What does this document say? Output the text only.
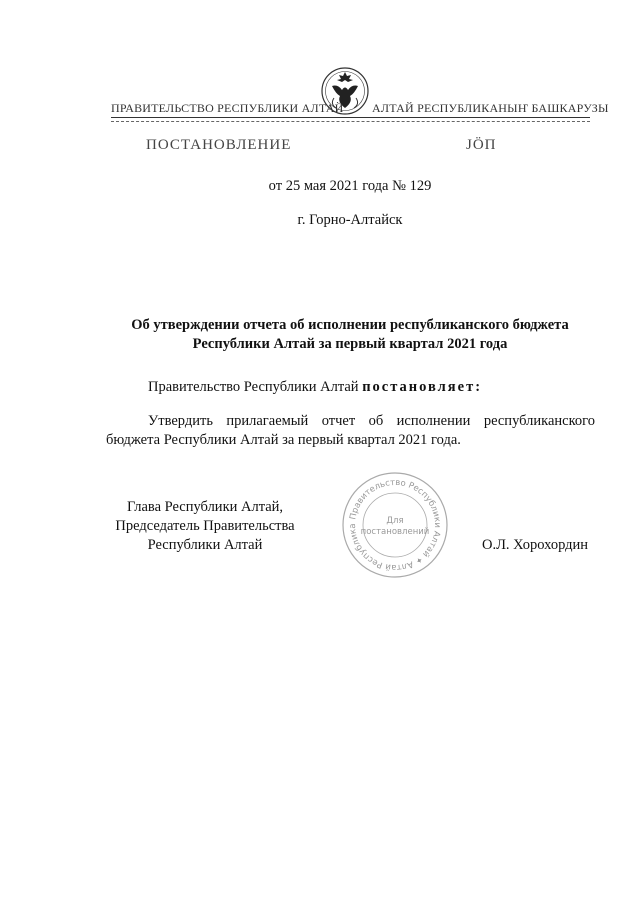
ПРАВИТЕЛЬСТВО РЕСПУБЛИКИ АЛТАЙ АЛТАЙ РЕСПУБЛИКАНЫҤ БАШКАРУЗЫ
ПОСТАНОВЛЕНИЕ	ЈӦП
от 25 мая 2021 года № 129
г. Горно-Алтайск
Об утверждении отчета об исполнении республиканского бюджета
Республики Алтай за первый квартал 2021 года
Правительство Республики Алтай постановляет:
Утвердить прилагаемый отчет об исполнении республиканского бюджета Республики Алтай за первый квартал 2021 года.
Глава Республики Алтай,
Председатель Правительства
Республики Алтай	О.Л. Хорохордин
Правительство Республики Алтай ✦ Алтай Республика
Для
постановлений
